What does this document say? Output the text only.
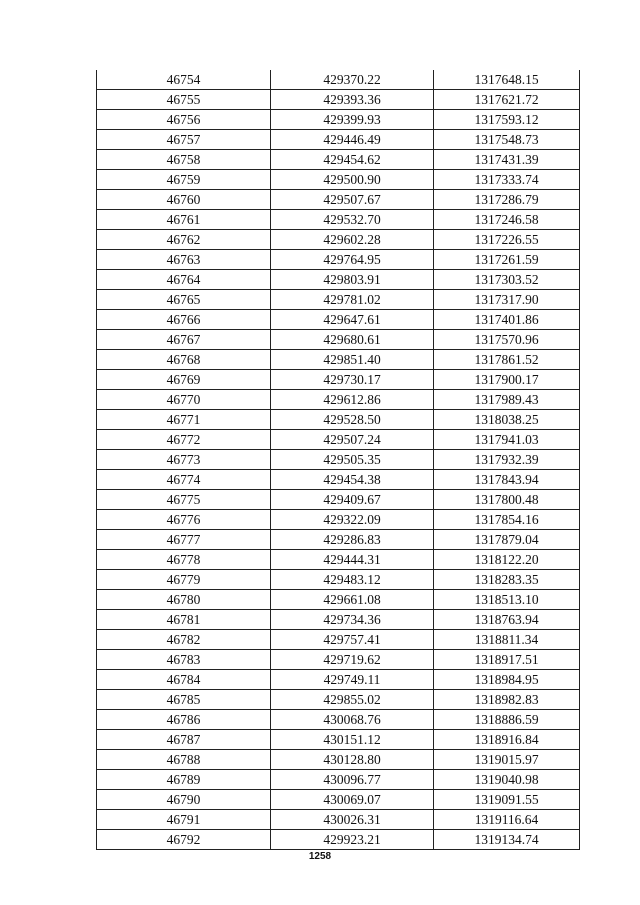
46754	429370.22	1317648.15
46755	429393.36	1317621.72
46756	429399.93	1317593.12
46757	429446.49	1317548.73
46758	429454.62	1317431.39
46759	429500.90	1317333.74
46760	429507.67	1317286.79
46761	429532.70	1317246.58
46762	429602.28	1317226.55
46763	429764.95	1317261.59
46764	429803.91	1317303.52
46765	429781.02	1317317.90
46766	429647.61	1317401.86
46767	429680.61	1317570.96
46768	429851.40	1317861.52
46769	429730.17	1317900.17
46770	429612.86	1317989.43
46771	429528.50	1318038.25
46772	429507.24	1317941.03
46773	429505.35	1317932.39
46774	429454.38	1317843.94
46775	429409.67	1317800.48
46776	429322.09	1317854.16
46777	429286.83	1317879.04
46778	429444.31	1318122.20
46779	429483.12	1318283.35
46780	429661.08	1318513.10
46781	429734.36	1318763.94
46782	429757.41	1318811.34
46783	429719.62	1318917.51
46784	429749.11	1318984.95
46785	429855.02	1318982.83
46786	430068.76	1318886.59
46787	430151.12	1318916.84
46788	430128.80	1319015.97
46789	430096.77	1319040.98
46790	430069.07	1319091.55
46791	430026.31	1319116.64
46792	429923.21	1319134.74
1258
